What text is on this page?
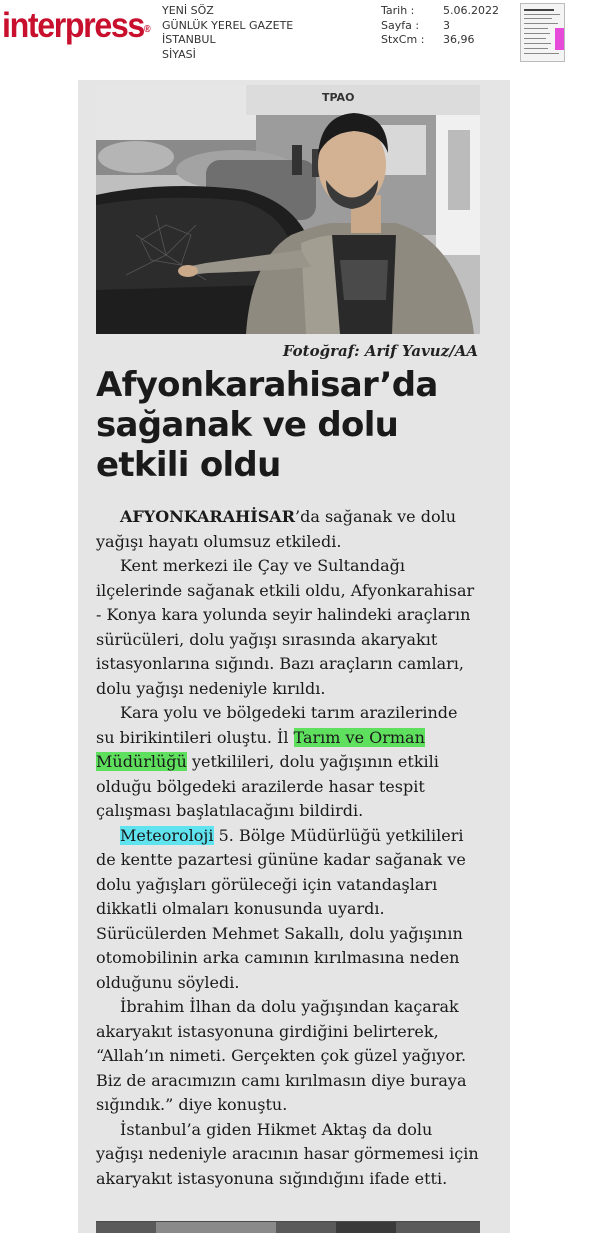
interpress®
YENİ SÖZ
GÜNLÜK YEREL GAZETE
İSTANBUL
SİYASİ
Tarih :	5.06.2022
Sayfa :	3
StxCm :	36,96
TPAO
Fotoğraf: Arif Yavuz/AA
Afyonkarahisar’da sağanak ve dolu etkili oldu

AFYONKARAHİSAR’da sağanak ve dolu yağışı hayatı olumsuz etkiledi.

Kent merkezi ile Çay ve Sultandağı ilçelerinde sağanak etkili oldu, Afyonkarahisar - Konya kara yolunda seyir halindeki araçların sürücüleri, dolu yağışı sırasında akaryakıt istasyonlarına sığındı. Bazı araçların camları, dolu yağışı nedeniyle kırıldı.

Kara yolu ve bölgedeki tarım arazilerinde su birikintileri oluştu. İl Tarım ve Orman Müdürlüğü yetkilileri, dolu yağışının etkili olduğu bölgedeki arazilerde hasar tespit çalışması başlatılacağını bildirdi.

Meteoroloji 5. Bölge Müdürlüğü yetkilileri de kentte pazartesi gününe kadar sağanak ve dolu yağışları görüleceği için vatandaşları dikkatli olmaları konusunda uyardı. Sürücülerden Mehmet Sakallı, dolu yağışının otomobilinin arka camının kırılmasına neden olduğunu söyledi.

İbrahim İlhan da dolu yağışından kaçarak akaryakıt istasyonuna girdiğini belirterek, “Allah’ın nimeti. Gerçekten çok güzel yağıyor. Biz de aracımızın camı kırılmasın diye buraya sığındık.” diye konuştu.

İstanbul’a giden Hikmet Aktaş da dolu yağışı nedeniyle aracının hasar görmemesi için akaryakıt istasyonuna sığındığını ifade etti.
